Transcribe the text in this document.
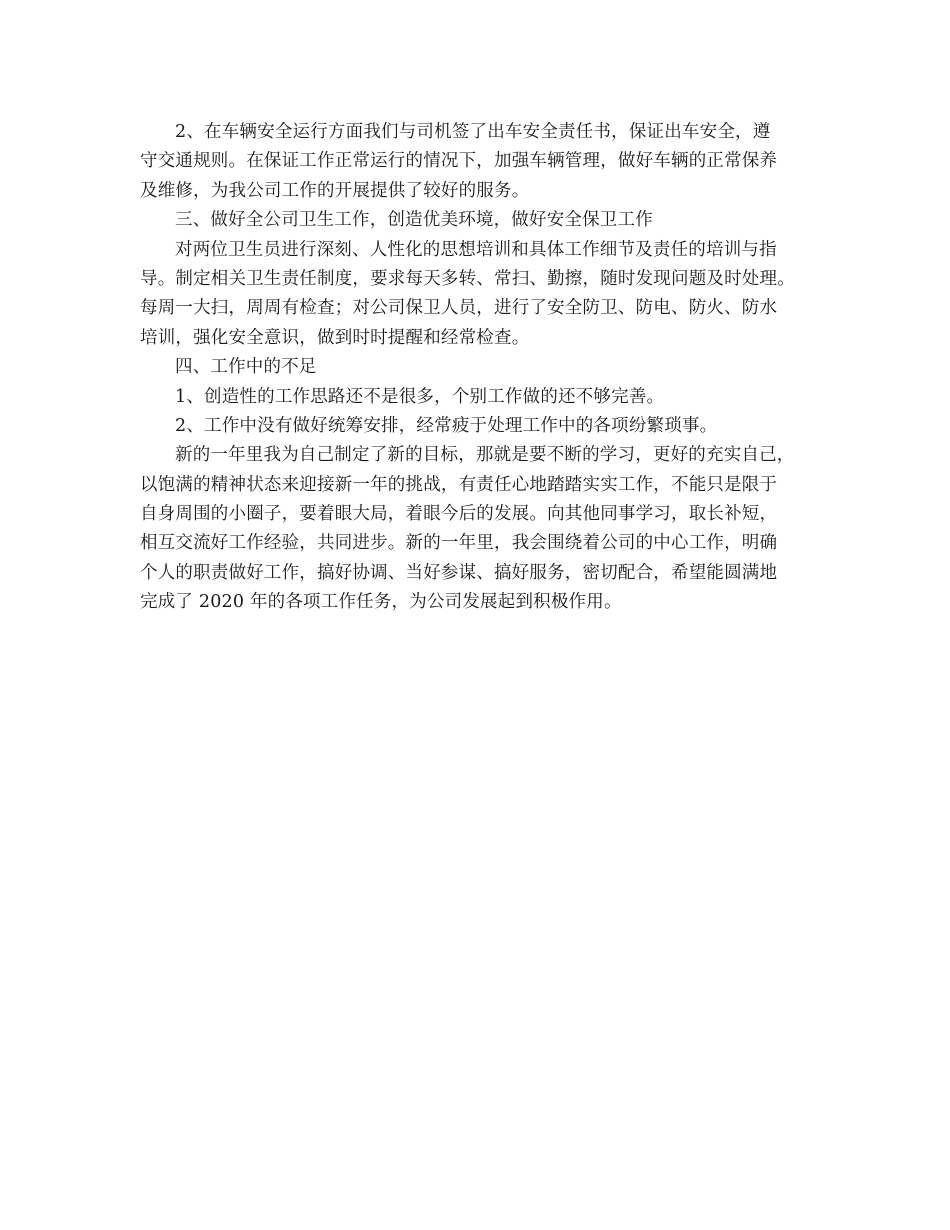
2、在车辆安全运行方面我们与司机签了出车安全责任书，保证出车安全，遵
守交通规则。在保证工作正常运行的情况下，加强车辆管理，做好车辆的正常保养
及维修，为我公司工作的开展提供了较好的服务。
三、做好全公司卫生工作，创造优美环境，做好安全保卫工作
对两位卫生员进行深刻、人性化的思想培训和具体工作细节及责任的培训与指
导。制定相关卫生责任制度，要求每天多转、常扫、勤擦，随时发现问题及时处理。
每周一大扫，周周有检查；对公司保卫人员，进行了安全防卫、防电、防火、防水
培训，强化安全意识，做到时时提醒和经常检查。
四、工作中的不足
1、创造性的工作思路还不是很多，个别工作做的还不够完善。
2、工作中没有做好统筹安排，经常疲于处理工作中的各项纷繁琐事。
新的一年里我为自己制定了新的目标，那就是要不断的学习，更好的充实自己，
以饱满的精神状态来迎接新一年的挑战，有责任心地踏踏实实工作，不能只是限于
自身周围的小圈子，要着眼大局，着眼今后的发展。向其他同事学习，取长补短，
相互交流好工作经验，共同进步。新的一年里，我会围绕着公司的中心工作，明确
个人的职责做好工作，搞好协调、当好参谋、搞好服务，密切配合，希望能圆满地
完成了 2020 年的各项工作任务，为公司发展起到积极作用。
